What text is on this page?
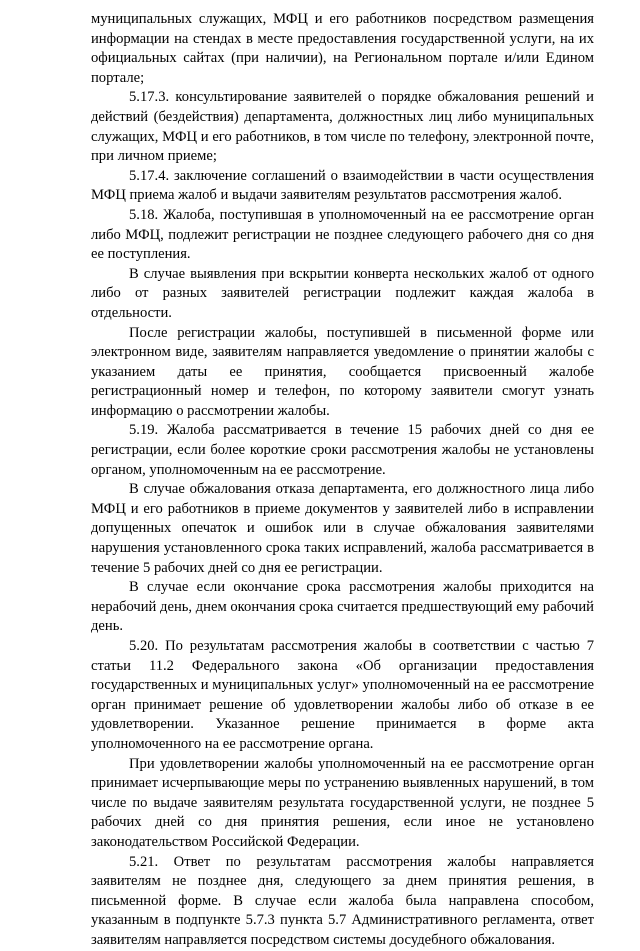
муниципальных служащих, МФЦ и его работников посредством размещения информации на стендах в месте предоставления государственной услуги, на их официальных сайтах (при наличии), на Региональном портале и/или Едином портале;

5.17.3. консультирование заявителей о порядке обжалования решений и действий (бездействия) департамента, должностных лиц либо муниципальных служащих, МФЦ и его работников, в том числе по телефону, электронной почте, при личном приеме;

5.17.4. заключение соглашений о взаимодействии в части осуществления МФЦ приема жалоб и выдачи заявителям результатов рассмотрения жалоб.

5.18. Жалоба, поступившая в уполномоченный на ее рассмотрение орган либо МФЦ, подлежит регистрации не позднее следующего рабочего дня со дня ее поступления.

В случае выявления при вскрытии конверта нескольких жалоб от одного либо от разных заявителей регистрации подлежит каждая жалоба в отдельности.

После регистрации жалобы, поступившей в письменной форме или электронном виде, заявителям направляется уведомление о принятии жалобы с указанием даты ее принятия, сообщается присвоенный жалобе регистрационный номер и телефон, по которому заявители смогут узнать информацию о рассмотрении жалобы.

5.19. Жалоба рассматривается в течение 15 рабочих дней со дня ее регистрации, если более короткие сроки рассмотрения жалобы не установлены органом, уполномоченным на ее рассмотрение.

В случае обжалования отказа департамента, его должностного лица либо МФЦ и его работников в приеме документов у заявителей либо в исправлении допущенных опечаток и ошибок или в случае обжалования заявителями нарушения установленного срока таких исправлений, жалоба рассматривается в течение 5 рабочих дней со дня ее регистрации.

В случае если окончание срока рассмотрения жалобы приходится на нерабочий день, днем окончания срока считается предшествующий ему рабочий день.

5.20. По результатам рассмотрения жалобы в соответствии с частью 7 статьи 11.2 Федерального закона «Об организации предоставления государственных и муниципальных услуг» уполномоченный на ее рассмотрение орган принимает решение об удовлетворении жалобы либо об отказе в ее удовлетворении. Указанное решение принимается в форме акта уполномоченного на ее рассмотрение органа.

При удовлетворении жалобы уполномоченный на ее рассмотрение орган принимает исчерпывающие меры по устранению выявленных нарушений, в том числе по выдаче заявителям результата государственной услуги, не позднее 5 рабочих дней со дня принятия решения, если иное не установлено законодательством Российской Федерации.

5.21. Ответ по результатам рассмотрения жалобы направляется заявителям не позднее дня, следующего за днем принятия решения, в письменной форме. В случае если жалоба была направлена способом, указанным в подпункте 5.7.3 пункта 5.7 Административного регламента, ответ заявителям направляется посредством системы досудебного обжалования.
